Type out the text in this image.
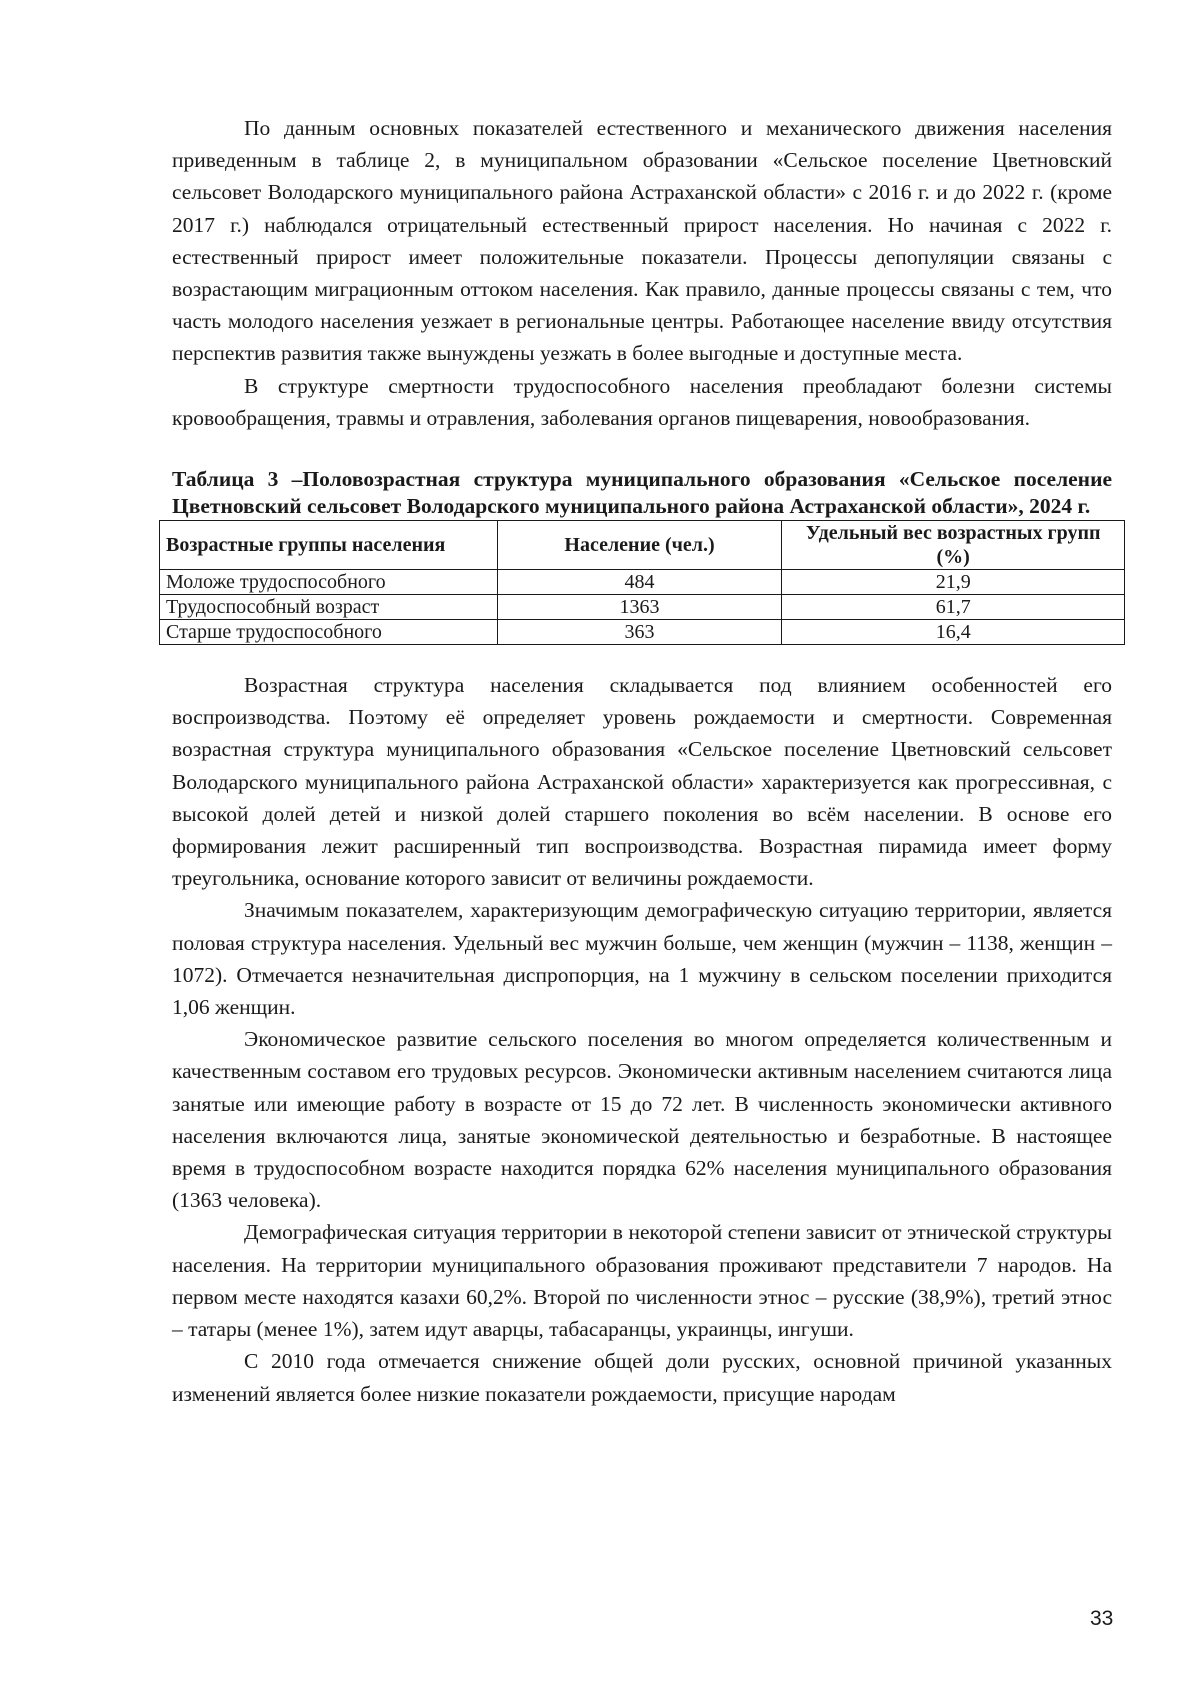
По данным основных показателей естественного и механического движения населения приведенным в таблице 2, в муниципальном образовании «Сельское поселение Цветновский сельсовет Володарского муниципального района Астраханской области» с 2016 г. и до 2022 г. (кроме 2017 г.) наблюдался отрицательный естественный прирост населения. Но начиная с 2022 г. естественный прирост имеет положительные показатели. Процессы депопуляции связаны с возрастающим миграционным оттоком населения. Как правило, данные процессы связаны с тем, что часть молодого населения уезжает в региональные центры. Работающее население ввиду отсутствия перспектив развития также вынуждены уезжать в более выгодные и доступные места.

В структуре смертности трудоспособного населения преобладают болезни системы кровообращения, травмы и отравления, заболевания органов пищеварения, новообразования.

Таблица 3 –Половозрастная структура муниципального образования «Сельское поселение Цветновский сельсовет Володарского муниципального района Астраханской области», 2024 г.
Возрастные группы населения	Население (чел.)	Удельный вес возрастных групп (%)
Моложе трудоспособного	484	21,9
Трудоспособный возраст	1363	61,7
Старше трудоспособного	363	16,4

Возрастная структура населения складывается под влиянием особенностей его воспроизводства. Поэтому её определяет уровень рождаемости и смертности. Современная возрастная структура муниципального образования «Сельское поселение Цветновский сельсовет Володарского муниципального района Астраханской области» характеризуется как прогрессивная, с высокой долей детей и низкой долей старшего поколения во всём населении. В основе его формирования лежит расширенный тип воспроизводства. Возрастная пирамида имеет форму треугольника, основание которого зависит от величины рождаемости.

Значимым показателем, характеризующим демографическую ситуацию территории, является половая структура населения. Удельный вес мужчин больше, чем женщин (мужчин – 1138, женщин – 1072). Отмечается незначительная диспропорция, на 1 мужчину в сельском поселении приходится 1,06 женщин.

Экономическое развитие сельского поселения во многом определяется количественным и качественным составом его трудовых ресурсов. Экономически активным населением считаются лица занятые или имеющие работу в возрасте от 15 до 72 лет. В численность экономически активного населения включаются лица, занятые экономической деятельностью и безработные. В настоящее время в трудоспособном возрасте находится порядка 62% населения муниципального образования (1363 человека).

Демографическая ситуация территории в некоторой степени зависит от этнической структуры населения. На территории муниципального образования проживают представители 7 народов. На первом месте находятся казахи 60,2%. Второй по численности этнос – русские (38,9%), третий этнос – татары (менее 1%), затем идут аварцы, табасаранцы, украинцы, ингуши.

С 2010 года отмечается снижение общей доли русских, основной причиной указанных изменений является более низкие показатели рождаемости, присущие народам

33
